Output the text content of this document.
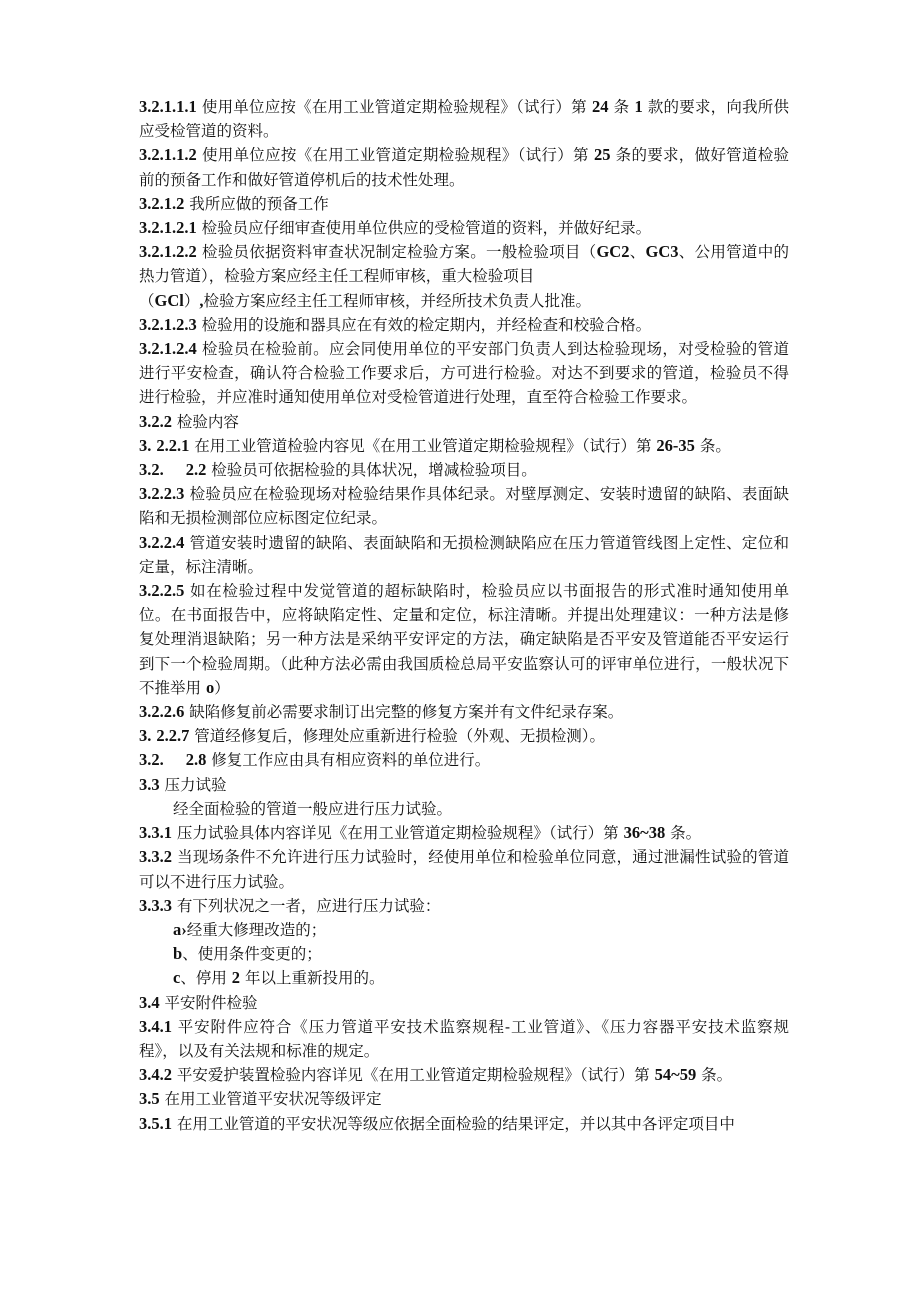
3.2.1.1.1 使用单位应按《在用工业管道定期检验规程》（试行）第 24 条 1 款的要求，向我所供应受检管道的资料。

3.2.1.1.2 使用单位应按《在用工业管道定期检验规程》（试行）第 25 条的要求，做好管道检验前的预备工作和做好管道停机后的技术性处理。

3.2.1.2 我所应做的预备工作

3.2.1.2.1 检验员应仔细审查使用单位供应的受检管道的资料，并做好纪录。

3.2.1.2.2 检验员依据资料审查状况制定检验方案。一般检验项目（GC2、GC3、公用管道中的热力管道），检验方案应经主任工程师审核，重大检验项目
（GCl）,检验方案应经主任工程师审核，并经所技术负责人批准。

3.2.1.2.3 检验用的设施和器具应在有效的检定期内，并经检查和校验合格。

3.2.1.2.4 检验员在检验前。应会同使用单位的平安部门负责人到达检验现场，对受检验的管道进行平安检查，确认符合检验工作要求后，方可进行检验。对达不到要求的管道，检验员不得进行检验，并应准时通知使用单位对受检管道进行处理，直至符合检验工作要求。

3.2.2 检验内容

3. 2.2.1 在用工业管道检验内容见《在用工业管道定期检验规程》（试行）第 26-35 条。

3.2. 2.2 检验员可依据检验的具体状况，增减检验项目。

3.2.2.3 检验员应在检验现场对检验结果作具体纪录。对壁厚测定、安装时遗留的缺陷、表面缺陷和无损检测部位应标图定位纪录。

3.2.2.4 管道安装时遗留的缺陷、表面缺陷和无损检测缺陷应在压力管道管线图上定性、定位和定量，标注清晰。

3.2.2.5 如在检验过程中发觉管道的超标缺陷时，检验员应以书面报告的形式准时通知使用单位。在书面报告中，应将缺陷定性、定量和定位，标注清晰。并提出处理建议：一种方法是修复处理消退缺陷；另一种方法是采纳平安评定的方法，确定缺陷是否平安及管道能否平安运行到下一个检验周期。（此种方法必需由我国质检总局平安监察认可的评审单位进行，一般状况下不推举用 o）

3.2.2.6 缺陷修复前必需要求制订出完整的修复方案并有文件纪录存案。

3. 2.2.7 管道经修复后，修理处应重新进行检验（外观、无损检测）。

3.2. 2.8 修复工作应由具有相应资料的单位进行。

3.3 压力试验

经全面检验的管道一般应进行压力试验。

3.3.1 压力试验具体内容详见《在用工业管道定期检验规程》（试行）第 36~38 条。

3.3.2 当现场条件不允许进行压力试验时，经使用单位和检验单位同意，通过泄漏性试验的管道可以不进行压力试验。

3.3.3 有下列状况之一者，应进行压力试验：

a›经重大修理改造的；

b、使用条件变更的；

c、停用 2 年以上重新投用的。

3.4 平安附件检验

3.4.1 平安附件应符合《压力管道平安技术监察规程-工业管道》、《压力容器平安技术监察规程》，以及有关法规和标准的规定。

3.4.2 平安爱护装置检验内容详见《在用工业管道定期检验规程》（试行）第 54~59 条。

3.5 在用工业管道平安状况等级评定

3.5.1 在用工业管道的平安状况等级应依据全面检验的结果评定，并以其中各评定项目中
